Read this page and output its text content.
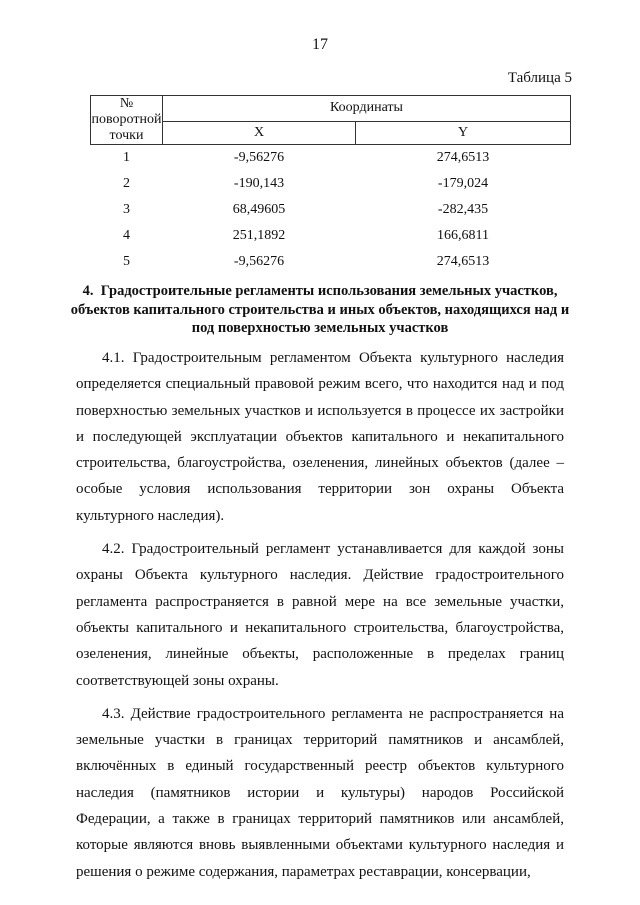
17
Таблица 5
№ поворотной точки	Координаты	
	X	Y
1	-9,56276	274,6513
2	-190,143	-179,024
3	68,49605	-282,435
4	251,1892	166,6811
5	-9,56276	274,6513
4.  Градостроительные регламенты использования земельных участков, объектов капитального строительства и иных объектов, находящихся над и под поверхностью земельных участков

4.1. Градостроительным регламентом Объекта культурного наследия определяется специальный правовой режим всего, что находится над и под поверхностью земельных участков и используется в процессе их застройки и последующей эксплуатации объектов капитального и некапитального строительства, благоустройства, озеленения, линейных объектов (далее – особые условия использования территории зон охраны Объекта культурного наследия).

4.2. Градостроительный регламент устанавливается для каждой зоны охраны Объекта культурного наследия. Действие градостроительного регламента распространяется в равной мере на все земельные участки, объекты капитального и некапитального строительства, благоустройства, озеленения, линейные объекты, расположенные в пределах границ соответствующей зоны охраны.

4.3. Действие градостроительного регламента не распространяется на земельные участки в границах территорий памятников и ансамблей, включённых в единый государственный реестр объектов культурного наследия (памятников истории и культуры) народов Российской Федерации, а также в границах территорий памятников или ансамблей, которые являются вновь выявленными объектами культурного наследия и решения о режиме содержания, параметрах реставрации, консервации,
